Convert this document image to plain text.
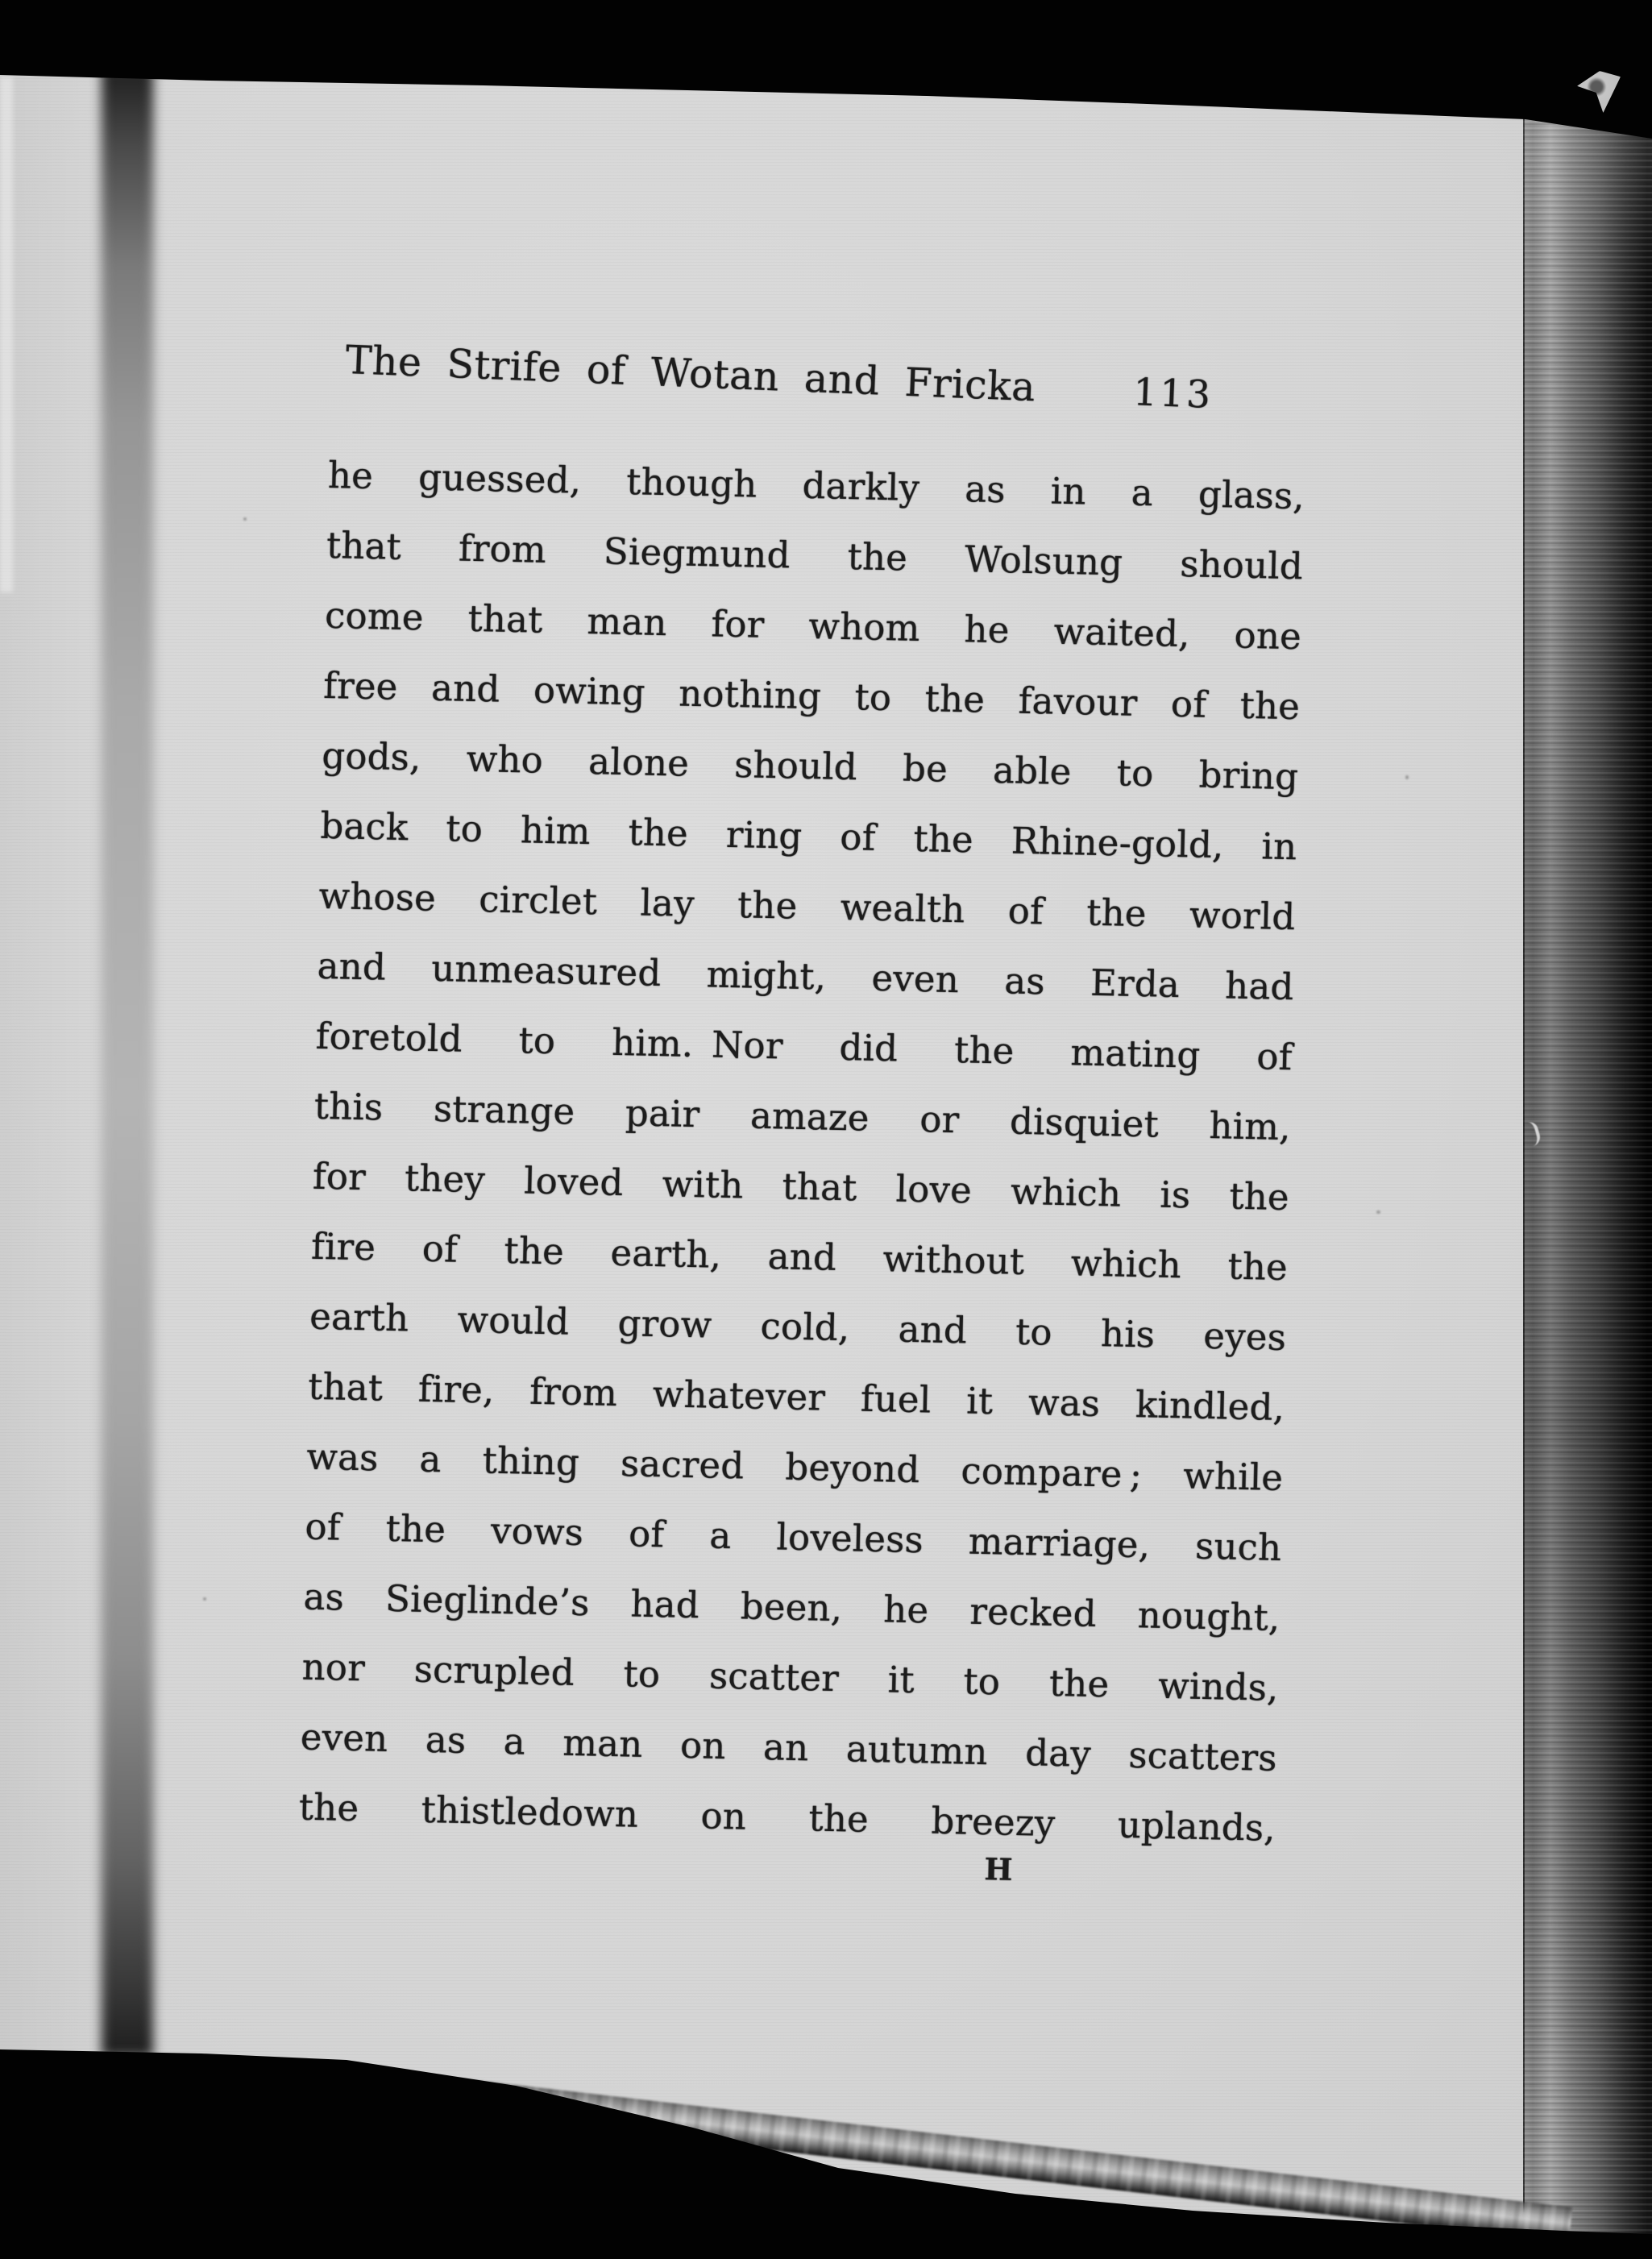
The Strife of Wotan and Fricka	113
he guessed, though darkly as in a glass,
that from Siegmund the Wolsung should
come that man for whom he waited, one
free and owing nothing to the favour of the
gods, who alone should be able to bring
back to him the ring of the Rhine-gold, in
whose circlet lay the wealth of the world
and unmeasured might, even as Erda had
foretold to him. Nor did the mating of
this strange pair amaze or disquiet him,
for they loved with that love which is the
fire of the earth, and without which the
earth would grow cold, and to his eyes
that fire, from whatever fuel it was kindled,
was a thing sacred beyond compare ; while
of the vows of a loveless marriage, such
as Sieglinde’s had been, he recked nought,
nor scrupled to scatter it to the winds,
even as a man on an autumn day scatters
the thistledown on the breezy uplands,
H
